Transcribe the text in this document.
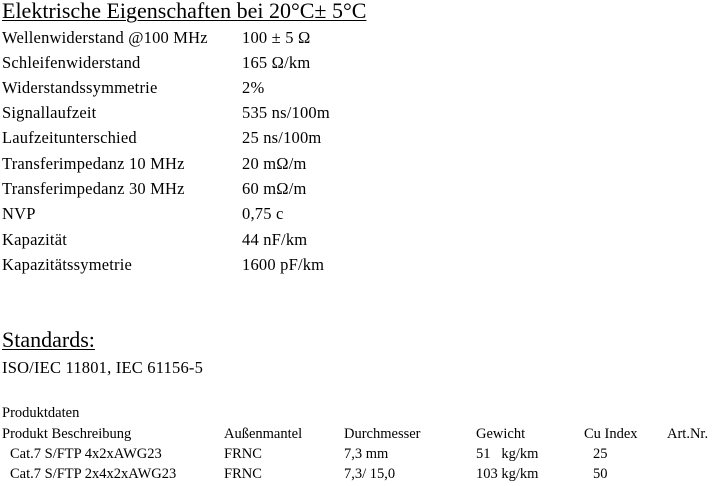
Elektrische Eigenschaften bei 20°C± 5°C
Wellenwiderstand @100 MHz 100 ± 5 Ω
Schleifenwiderstand	165 Ω/km
Widerstandssymmetrie	2%
Signallaufzeit	535 ns/100m
Laufzeitunterschied	25 ns/100m
Transferimpedanz 10 MHz	20 mΩ/m
Transferimpedanz 30 MHz	60 mΩ/m
NVP	0,75 c
Kapazität	44 nF/km
Kapazitätssymetrie	1600 pF/km
Standards:
ISO/IEC 11801, IEC 61156-5
Produktdaten
Produkt Beschreibung	Außenmantel	Durchmesser	Gewicht	Cu Index Art.Nr.
Cat.7 S/FTP 4x2xAWG23	FRNC	7,3 mm	51   kg/km	25
Cat.7 S/FTP 2x4x2xAWG23	FRNC	7,3/ 15,0	103 kg/km	50
